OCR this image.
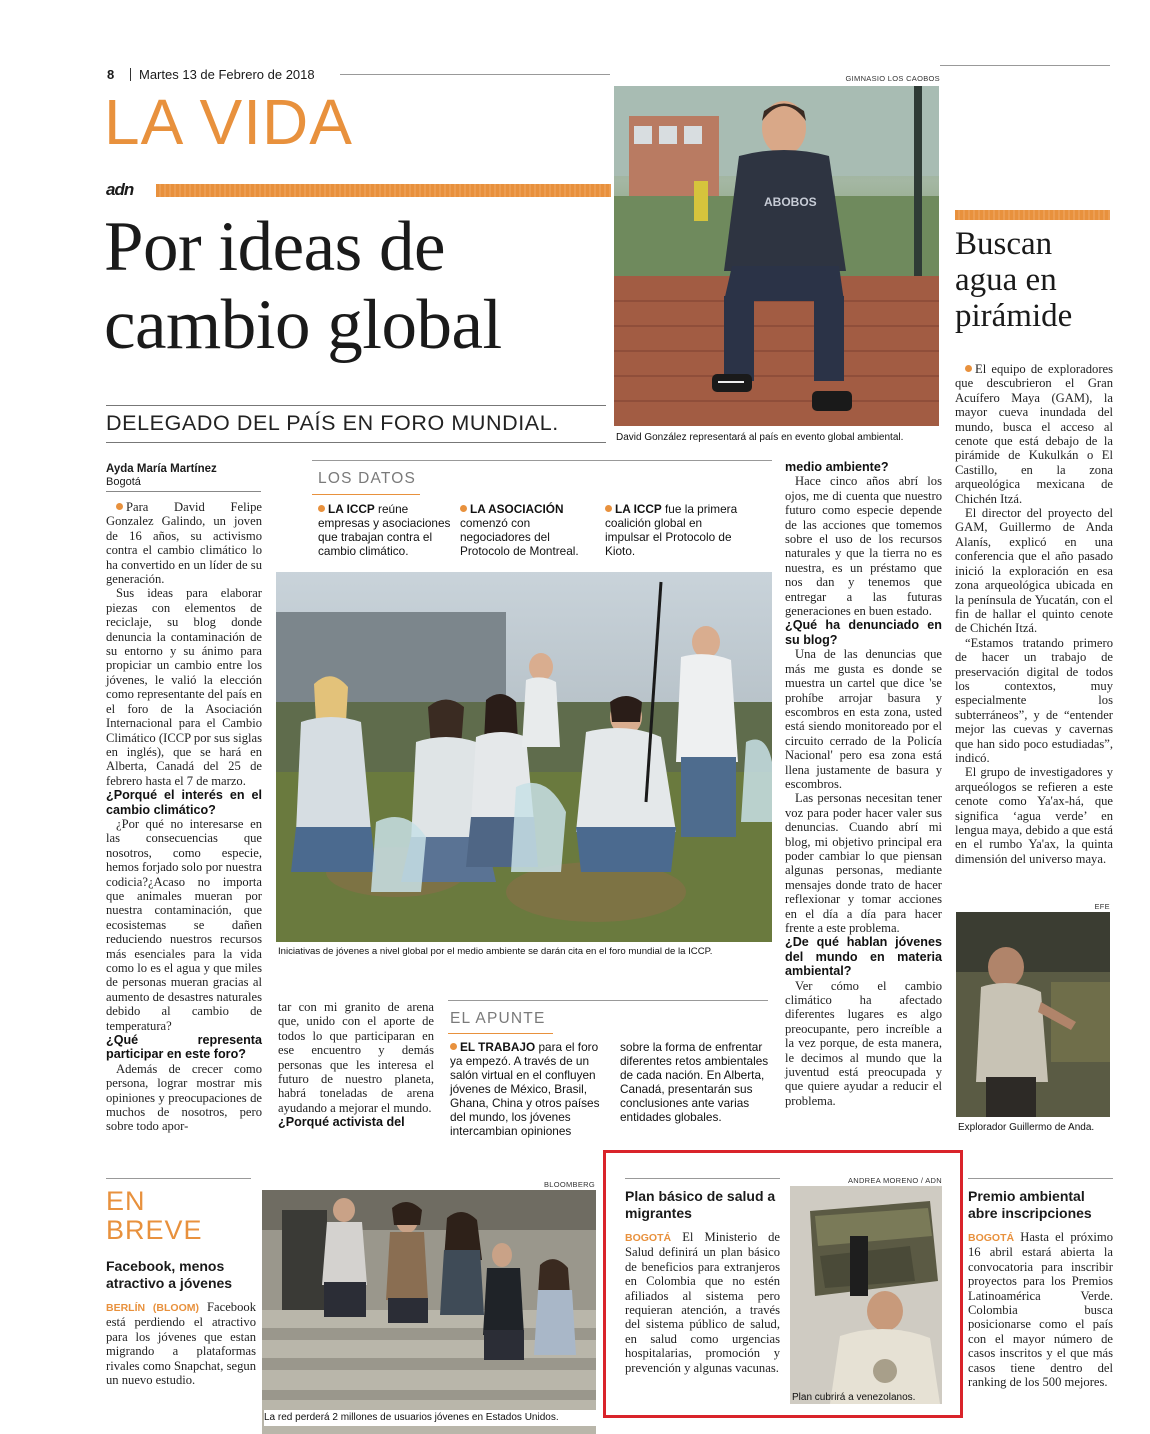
8 Martes 13 de Febrero de 2018
LA VIDA
adn
Por ideas de cambio global
DELEGADO DEL PAÍS EN FORO MUNDIAL.
GIMNASIO LOS CAOBOS
ABOBOS
David González representará al país en evento global ambiental.
Ayda María Martínez
Bogotá

Para David Felipe Gonzalez Galindo, un joven de 16 años, su activismo contra el cambio climático lo ha convertido en un líder de su generación.

Sus ideas para elaborar piezas con elementos de reciclaje, su blog donde denuncia la contaminación de su entorno y su ánimo para propiciar un cambio entre los jóvenes, le valió la elección como representante del país en el foro de la Asociación Internacional para el Cambio Climático (ICCP por sus siglas en inglés), que se hará en Alberta, Canadá del 25 de febrero hasta el 7 de marzo.

¿Porqué el interés en el cambio climático?

¿Por qué no interesarse en las consecuencias que nosotros, como especie, hemos forjado solo por nuestra codicia?¿Acaso no importa que animales mueran por nuestra contaminación, que ecosistemas se dañen reduciendo nuestros recursos más esenciales para la vida como lo es el agua y que miles de personas mueran gracias al aumento de desastres naturales debido al cambio de temperatura?

¿Qué representa participar en este foro?

Además de crecer como persona, lograr mostrar mis opiniones y preocupaciones de muchos de nosotros, pero sobre todo apor-

LOS DATOS
LA ICCP reúne empresas y asociaciones que trabajan contra el cambio climático.
LA ASOCIACIÓN comenzó con negociadores del Protocolo de Montreal.
LA ICCP fue la primera coalición global en impulsar el Protocolo de Kioto.
Iniciativas de jóvenes a nivel global por el medio ambiente se darán cita en el foro mundial de la ICCP.

tar con mi granito de arena que, unido con el aporte de todos lo que participaran en ese encuentro y demás personas que les interesa el futuro de nuestro planeta, habrá toneladas de arena ayudando a mejorar el mundo.

¿Porqué activista del
EL APUNTE
EL TRABAJO para el foro ya empezó. A través de un salón virtual en el confluyen jóvenes de México, Brasil, Ghana, China y otros países del mundo, los jóvenes intercambian opiniones
sobre la forma de enfrentar diferentes retos ambientales de cada nación. En Alberta, Canadá, presentarán sus conclusiones ante varias entidades globales.
medio ambiente?

Hace cinco años abrí los ojos, me di cuenta que nuestro futuro como especie depende de las acciones que tomemos sobre el uso de los recursos naturales y que la tierra no es nuestra, es un préstamo que nos dan y tenemos que entregar a las futuras generaciones en buen estado.

¿Qué ha denunciado en su blog?

Una de las denuncias que más me gusta es donde se muestra un cartel que dice 'se prohíbe arrojar basura y escombros en esta zona, usted está siendo monitoreado por el circuito cerrado de la Policía Nacional' pero esa zona está llena justamente de basura y escombros.

Las personas necesitan tener voz para poder hacer valer sus denuncias. Cuando abrí mi blog, mi objetivo principal era poder cambiar lo que piensan algunas personas, mediante mensajes donde trato de hacer reflexionar y tomar acciones en el día a día para hacer frente a este problema.

¿De qué hablan jóvenes del mundo en materia ambiental?

Ver cómo el cambio climático ha afectado diferentes lugares es algo preocupante, pero increíble a la vez porque, de esta manera, le decimos al mundo que la juventud está preocupada y que quiere ayudar a reducir el problema.

Buscan agua en pirámide

El equipo de exploradores que descubrieron el Gran Acuífero Maya (GAM), la mayor cueva inundada del mundo, busca el acceso al cenote que está debajo de la pirámide de Kukulkán o El Castillo, en la zona arqueológica mexicana de Chichén Itzá.

El director del proyecto del GAM, Guillermo de Anda Alanís, explicó en una conferencia que el año pasado inició la exploración en esa zona arqueológica ubicada en la península de Yucatán, con el fin de hallar el quinto cenote de Chichén Itzá.

“Estamos tratando primero de hacer un trabajo de preservación digital de todos los contextos, muy especialmente los subterráneos”, y de “entender mejor las cuevas y cavernas que han sido poco estudiadas”, indicó.

El grupo de investigadores y arqueólogos se refieren a este cenote como Ya'ax-há, que significa ‘agua verde’ en lengua maya, debido a que está en el rumbo Ya'ax, la quinta dimensión del universo maya.

EFE
Explorador Guillermo de Anda.
EN
BREVE
Facebook, menos atractivo a jóvenes
BERLÍN (BLOOM) Facebook está perdiendo el atractivo para los jóvenes que estan migrando a plataformas rivales como Snapchat, segun un nuevo estudio.
BLOOMBERG
La red perderá 2 millones de usuarios jóvenes en Estados Unidos.
Plan básico de salud a migrantes
BOGOTÁ El Ministerio de Salud definirá un plan básico de beneficios para extranjeros en Colombia que no estén afiliados al sistema pero requieran atención, a través del sistema público de salud, en salud como urgencias hospitalarias, promoción y prevención y algunas vacunas.
ANDREA MORENO / ADN
Plan cubrirá a venezolanos.
Premio ambiental abre inscripciones
BOGOTÁ Hasta el próximo 16 abril estará abierta la convocatoria para inscribir proyectos para los Premios Latinoamérica Verde. Colombia busca posicionarse como el país con el mayor número de casos inscritos y el que más casos tiene dentro del ranking de los 500 mejores.
